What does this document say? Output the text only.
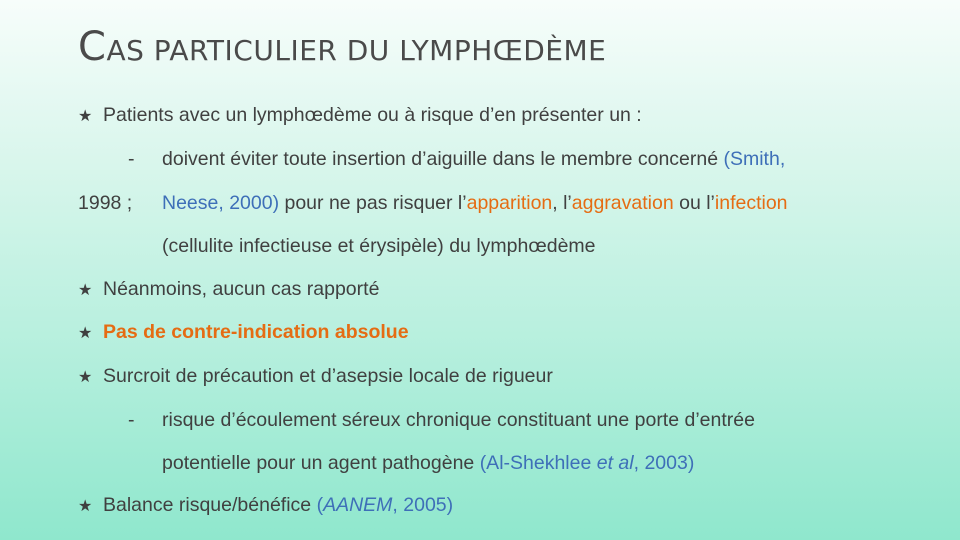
CAS PARTICULIER DU LYMPHŒDÈME
★ Patients avec un lymphœdème ou à risque d’en présenter un :
- doivent éviter toute insertion d’aiguille dans le membre concerné (Smith,
1998 ; Neese, 2000) pour ne pas risquer l’apparition, l’aggravation ou l’infection
(cellulite infectieuse et érysipèle) du lymphœdème
★ Néanmoins, aucun cas rapporté
★ Pas de contre-indication absolue
★ Surcroit de précaution et d’asepsie locale de rigueur
- risque d’écoulement séreux chronique constituant une porte d’entrée
potentielle pour un agent pathogène (Al-Shekhlee et al, 2003)
★ Balance risque/bénéfice (AANEM, 2005)
